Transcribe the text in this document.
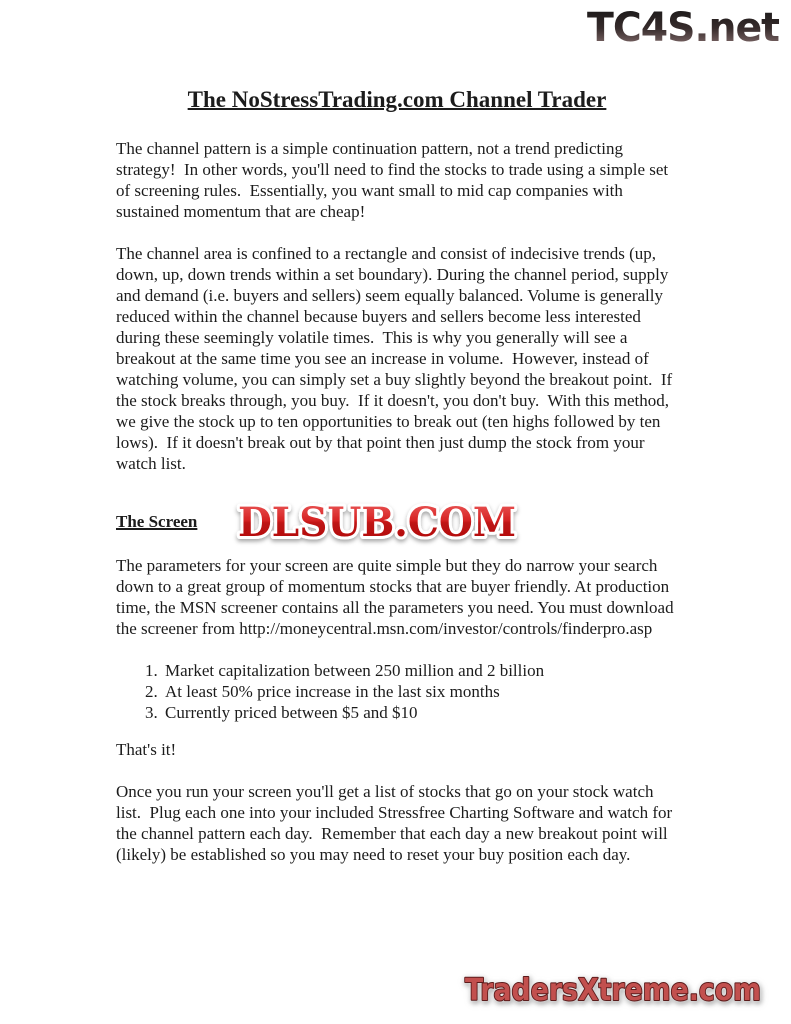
TC4S.net
The NoStressTrading.com Channel Trader

The channel pattern is a simple continuation pattern, not a trend predicting strategy!  In other words, you'll need to find the stocks to trade using a simple set of screening rules.  Essentially, you want small to mid cap companies with sustained momentum that are cheap!

The channel area is confined to a rectangle and consist of indecisive trends (up, down, up, down trends within a set boundary). During the channel period, supply and demand (i.e. buyers and sellers) seem equally balanced. Volume is generally reduced within the channel because buyers and sellers become less interested during these seemingly volatile times.  This is why you generally will see a breakout at the same time you see an increase in volume.  However, instead of watching volume, you can simply set a buy slightly beyond the breakout point.  If the stock breaks through, you buy.  If it doesn't, you don't buy.  With this method, we give the stock up to ten opportunities to break out (ten highs followed by ten lows).  If it doesn't break out by that point then just dump the stock from your watch list.

The Screen DLSUB.COM

The parameters for your screen are quite simple but they do narrow your search down to a great group of momentum stocks that are buyer friendly. At production time, the MSN screener contains all the parameters you need. You must download the screener from http://moneycentral.msn.com/investor/controls/finderpro.asp

1. Market capitalization between 250 million and 2 billion
2. At least 50% price increase in the last six months
3. Currently priced between $5 and $10

That's it!

Once you run your screen you'll get a list of stocks that go on your stock watch list.  Plug each one into your included Stressfree Charting Software and watch for the channel pattern each day.  Remember that each day a new breakout point will (likely) be established so you may need to reset your buy position each day.

TradersXtreme.com
